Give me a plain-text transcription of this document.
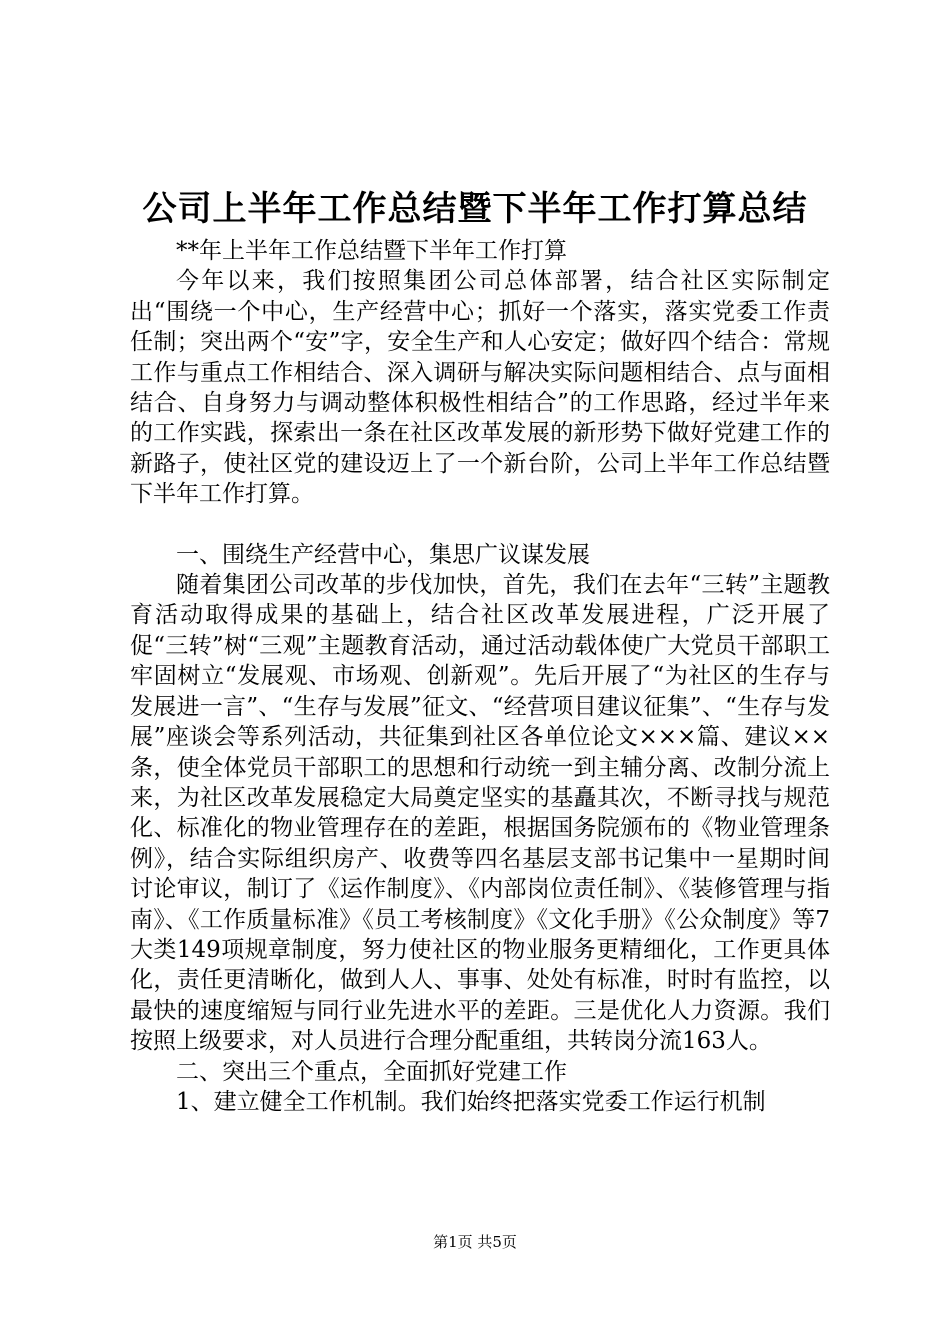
公司上半年工作总结暨下半年工作打算总结

**年上半年工作总结暨下半年工作打算

今年以来，我们按照集团公司总体部署，结合社区实际制定出“围绕一个中心，生产经营中心；抓好一个落实，落实党委工作责任制；突出两个“安”字，安全生产和人心安定；做好四个结合：常规工作与重点工作相结合、深入调研与解决实际问题相结合、点与面相结合、自身努力与调动整体积极性相结合”的工作思路，经过半年来的工作实践，探索出一条在社区改革发展的新形势下做好党建工作的新路子，使社区党的建设迈上了一个新台阶，公司上半年工作总结暨下半年工作打算。

一、围绕生产经营中心，集思广议谋发展

随着集团公司改革的步伐加快，首先，我们在去年“三转”主题教育活动取得成果的基础上，结合社区改革发展进程，广泛开展了促“三转”树“三观”主题教育活动，通过活动载体使广大党员干部职工牢固树立“发展观、市场观、创新观”。先后开展了“为社区的生存与发展进一言”、“生存与发展”征文、“经营项目建议征集”、“生存与发展”座谈会等系列活动，共征集到社区各单位论文×××篇、建议××条，使全体党员干部职工的思想和行动统一到主辅分离、改制分流上来，为社区改革发展稳定大局奠定坚实的基矗其次，不断寻找与规范化、标准化的物业管理存在的差距，根据国务院颁布的《物业管理条例》，结合实际组织房产、收费等四名基层支部书记集中一星期时间讨论审议，制订了《运作制度》、《内部岗位责任制》、《装修管理与指南》、《工作质量标准》《员工考核制度》《文化手册》《公众制度》等7大类149项规章制度，努力使社区的物业服务更精细化，工作更具体化，责任更清晰化，做到人人、事事、处处有标准，时时有监控，以最快的速度缩短与同行业先进水平的差距。三是优化人力资源。我们按照上级要求，对人员进行合理分配重组，共转岗分流163人。

二、突出三个重点，全面抓好党建工作

1、建立健全工作机制。我们始终把落实党委工作运行机制

第1页 共5页
